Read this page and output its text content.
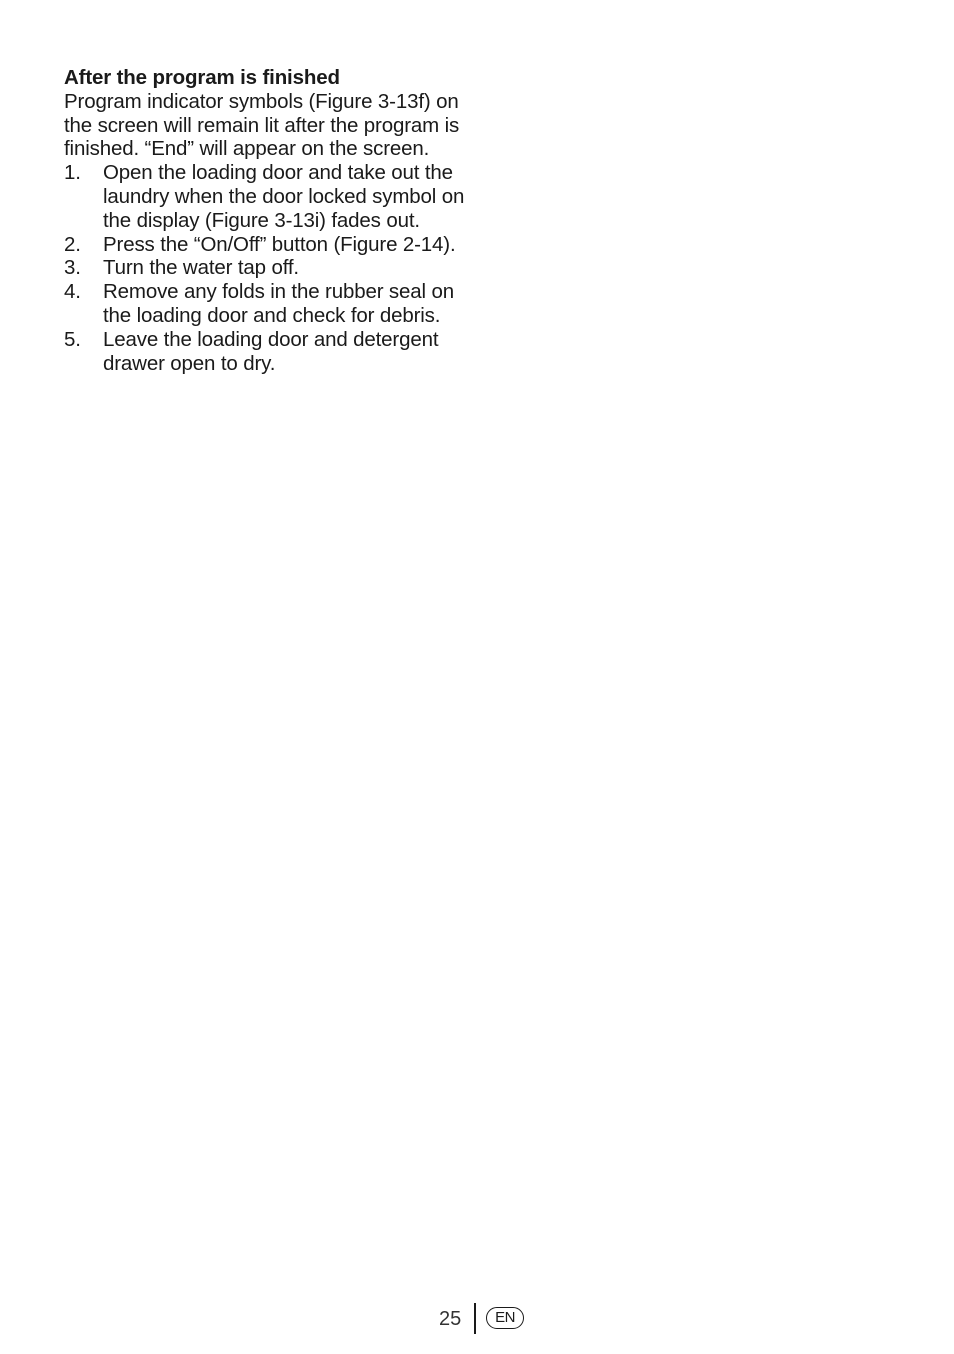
After the program is finished

Program indicator symbols (Figure 3-13f) on the screen will remain lit after the program is finished. “End” will appear on the screen.

1. Open the loading door and take out the laundry when the door locked symbol on the display (Figure 3-13i) fades out.
2. Press the “On/Off” button (Figure 2-14).
3. Turn the water tap off.
4. Remove any folds in the rubber seal on the loading door and check for debris.
5. Leave the loading door and detergent drawer open to dry.
25	EN
